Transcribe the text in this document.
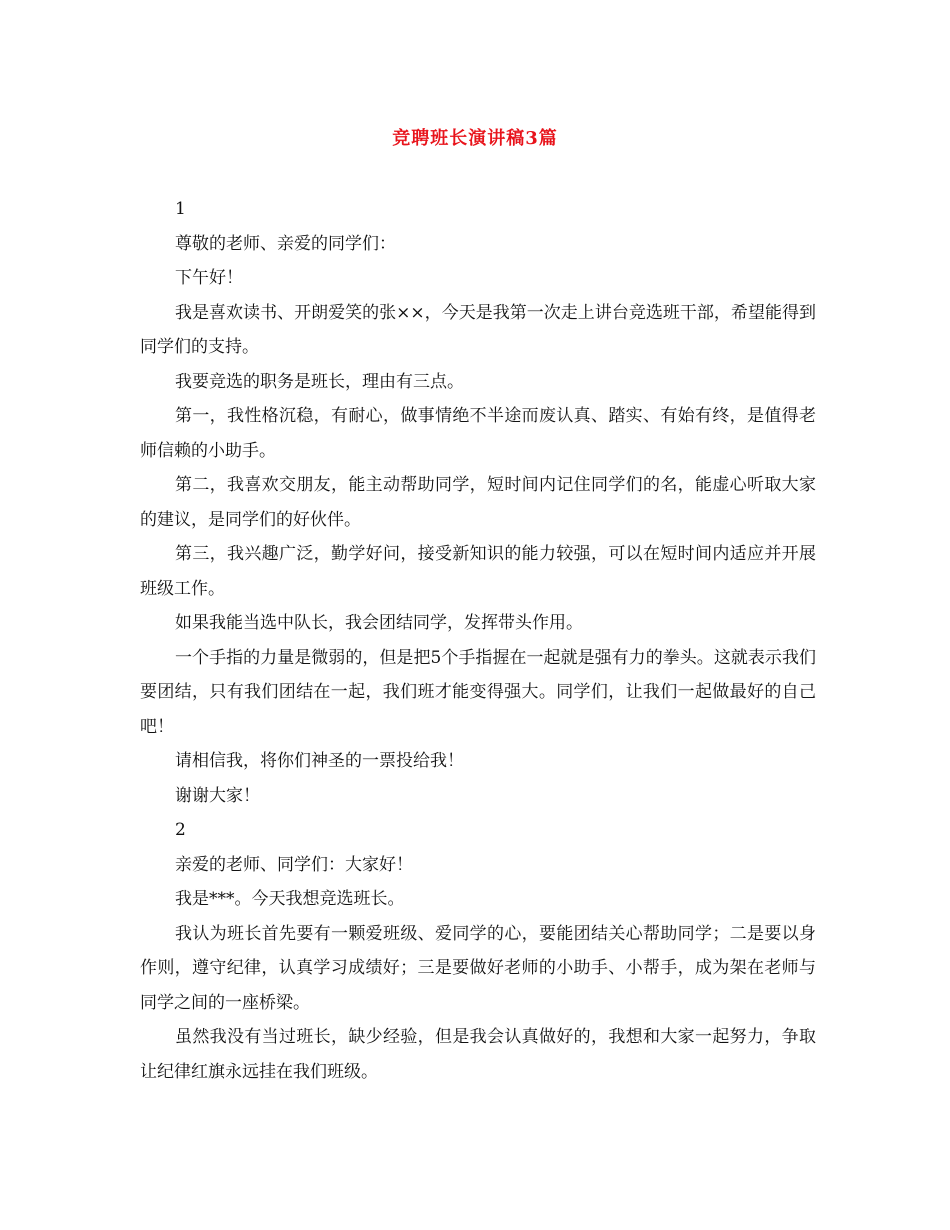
竞聘班长演讲稿3篇

1

尊敬的老师、亲爱的同学们：

下午好！

我是喜欢读书、开朗爱笑的张××，今天是我第一次走上讲台竞选班干部，希望能得到同学们的支持。

我要竞选的职务是班长，理由有三点。

第一，我性格沉稳，有耐心，做事情绝不半途而废认真、踏实、有始有终，是值得老师信赖的小助手。

第二，我喜欢交朋友，能主动帮助同学，短时间内记住同学们的名，能虚心听取大家的建议，是同学们的好伙伴。

第三，我兴趣广泛，勤学好问，接受新知识的能力较强，可以在短时间内适应并开展班级工作。

如果我能当选中队长，我会团结同学，发挥带头作用。

一个手指的力量是微弱的，但是把5个手指握在一起就是强有力的拳头。这就表示我们要团结，只有我们团结在一起，我们班才能变得强大。同学们，让我们一起做最好的自己吧！

请相信我，将你们神圣的一票投给我！

谢谢大家！

2

亲爱的老师、同学们：大家好！

我是***。今天我想竞选班长。

我认为班长首先要有一颗爱班级、爱同学的心，要能团结关心帮助同学；二是要以身作则，遵守纪律，认真学习成绩好；三是要做好老师的小助手、小帮手，成为架在老师与同学之间的一座桥梁。

虽然我没有当过班长，缺少经验，但是我会认真做好的，我想和大家一起努力，争取让纪律红旗永远挂在我们班级。
